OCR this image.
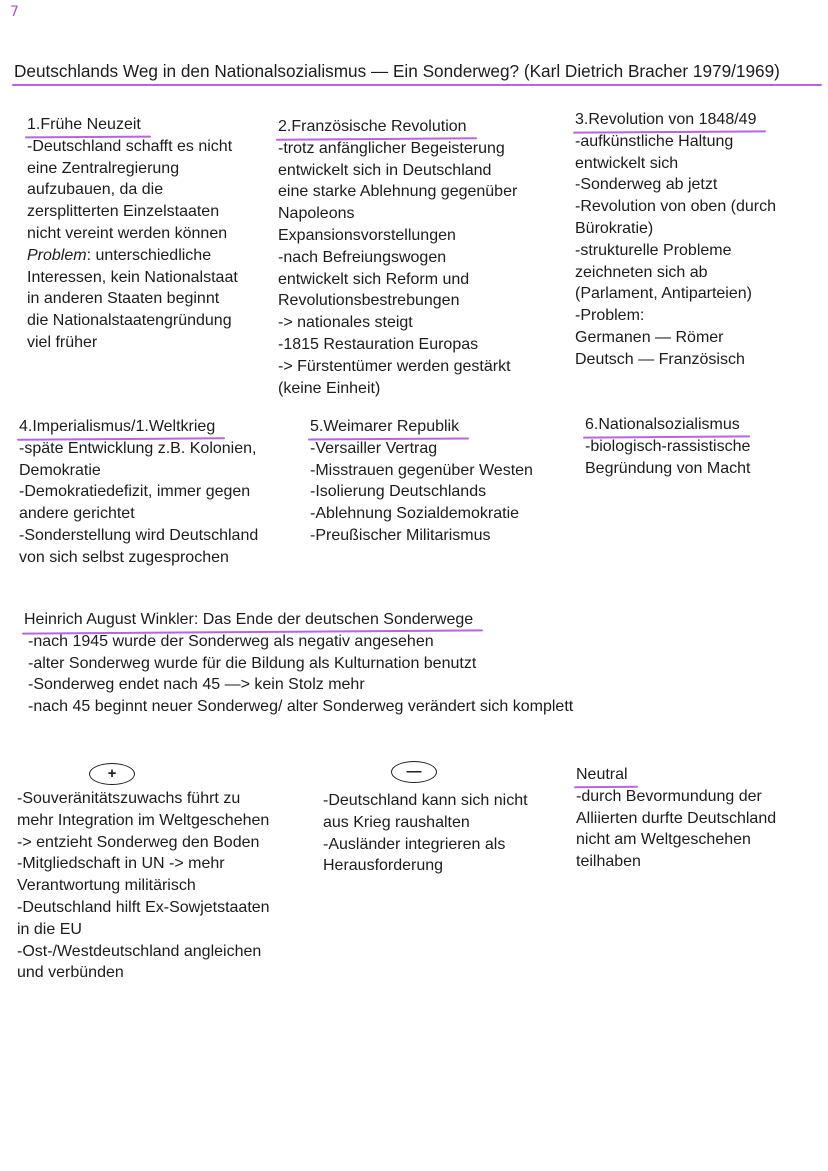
7
Deutschlands Weg in den Nationalsozialismus — Ein Sonderweg? (Karl Dietrich Bracher 1979/1969)
1.Frühe Neuzeit
-Deutschland schafft es nicht
eine Zentralregierung
aufzubauen, da die
zersplitterten Einzelstaaten
nicht vereint werden können
Problem: unterschiedliche
Interessen, kein Nationalstaat
in anderen Staaten beginnt
die Nationalstaatengründung
viel früher
2.Französische Revolution
-trotz anfänglicher Begeisterung
entwickelt sich in Deutschland
eine starke Ablehnung gegenüber
Napoleons
Expansionsvorstellungen
-nach Befreiungswogen
entwickelt sich Reform und
Revolutionsbestrebungen
-> nationales steigt
-1815 Restauration Europas
-> Fürstentümer werden gestärkt
(keine Einheit)
3.Revolution von 1848/49
-aufkünstliche Haltung
entwickelt sich
-Sonderweg ab jetzt
-Revolution von oben (durch
Bürokratie)
-strukturelle Probleme
zeichneten sich ab
(Parlament, Antiparteien)
-Problem:
Germanen — Römer
Deutsch — Französisch
4.Imperialismus/1.Weltkrieg
-späte Entwicklung z.B. Kolonien,
Demokratie
-Demokratiedefizit, immer gegen
andere gerichtet
-Sonderstellung wird Deutschland
von sich selbst zugesprochen
5.Weimarer Republik
-Versailler Vertrag
-Misstrauen gegenüber Westen
-Isolierung Deutschlands
-Ablehnung Sozialdemokratie
-Preußischer Militarismus
6.Nationalsozialismus
-biologisch-rassistische
Begründung von Macht
Heinrich August Winkler: Das Ende der deutschen Sonderwege
-nach 1945 wurde der Sonderweg als negativ angesehen
-alter Sonderweg wurde für die Bildung als Kulturnation benutzt
-Sonderweg endet nach 45 —> kein Stolz mehr
-nach 45 beginnt neuer Sonderweg/ alter Sonderweg verändert sich komplett
+	—
-Souveränitätszuwachs führt zu
mehr Integration im Weltgeschehen
-> entzieht Sonderweg den Boden
-Mitgliedschaft in UN -> mehr
Verantwortung militärisch
-Deutschland hilft Ex-Sowjetstaaten
in die EU
-Ost-/Westdeutschland angleichen
und verbünden
-Deutschland kann sich nicht
aus Krieg raushalten
-Ausländer integrieren als
Herausforderung
Neutral
-durch Bevormundung der
Alliierten durfte Deutschland
nicht am Weltgeschehen
teilhaben
